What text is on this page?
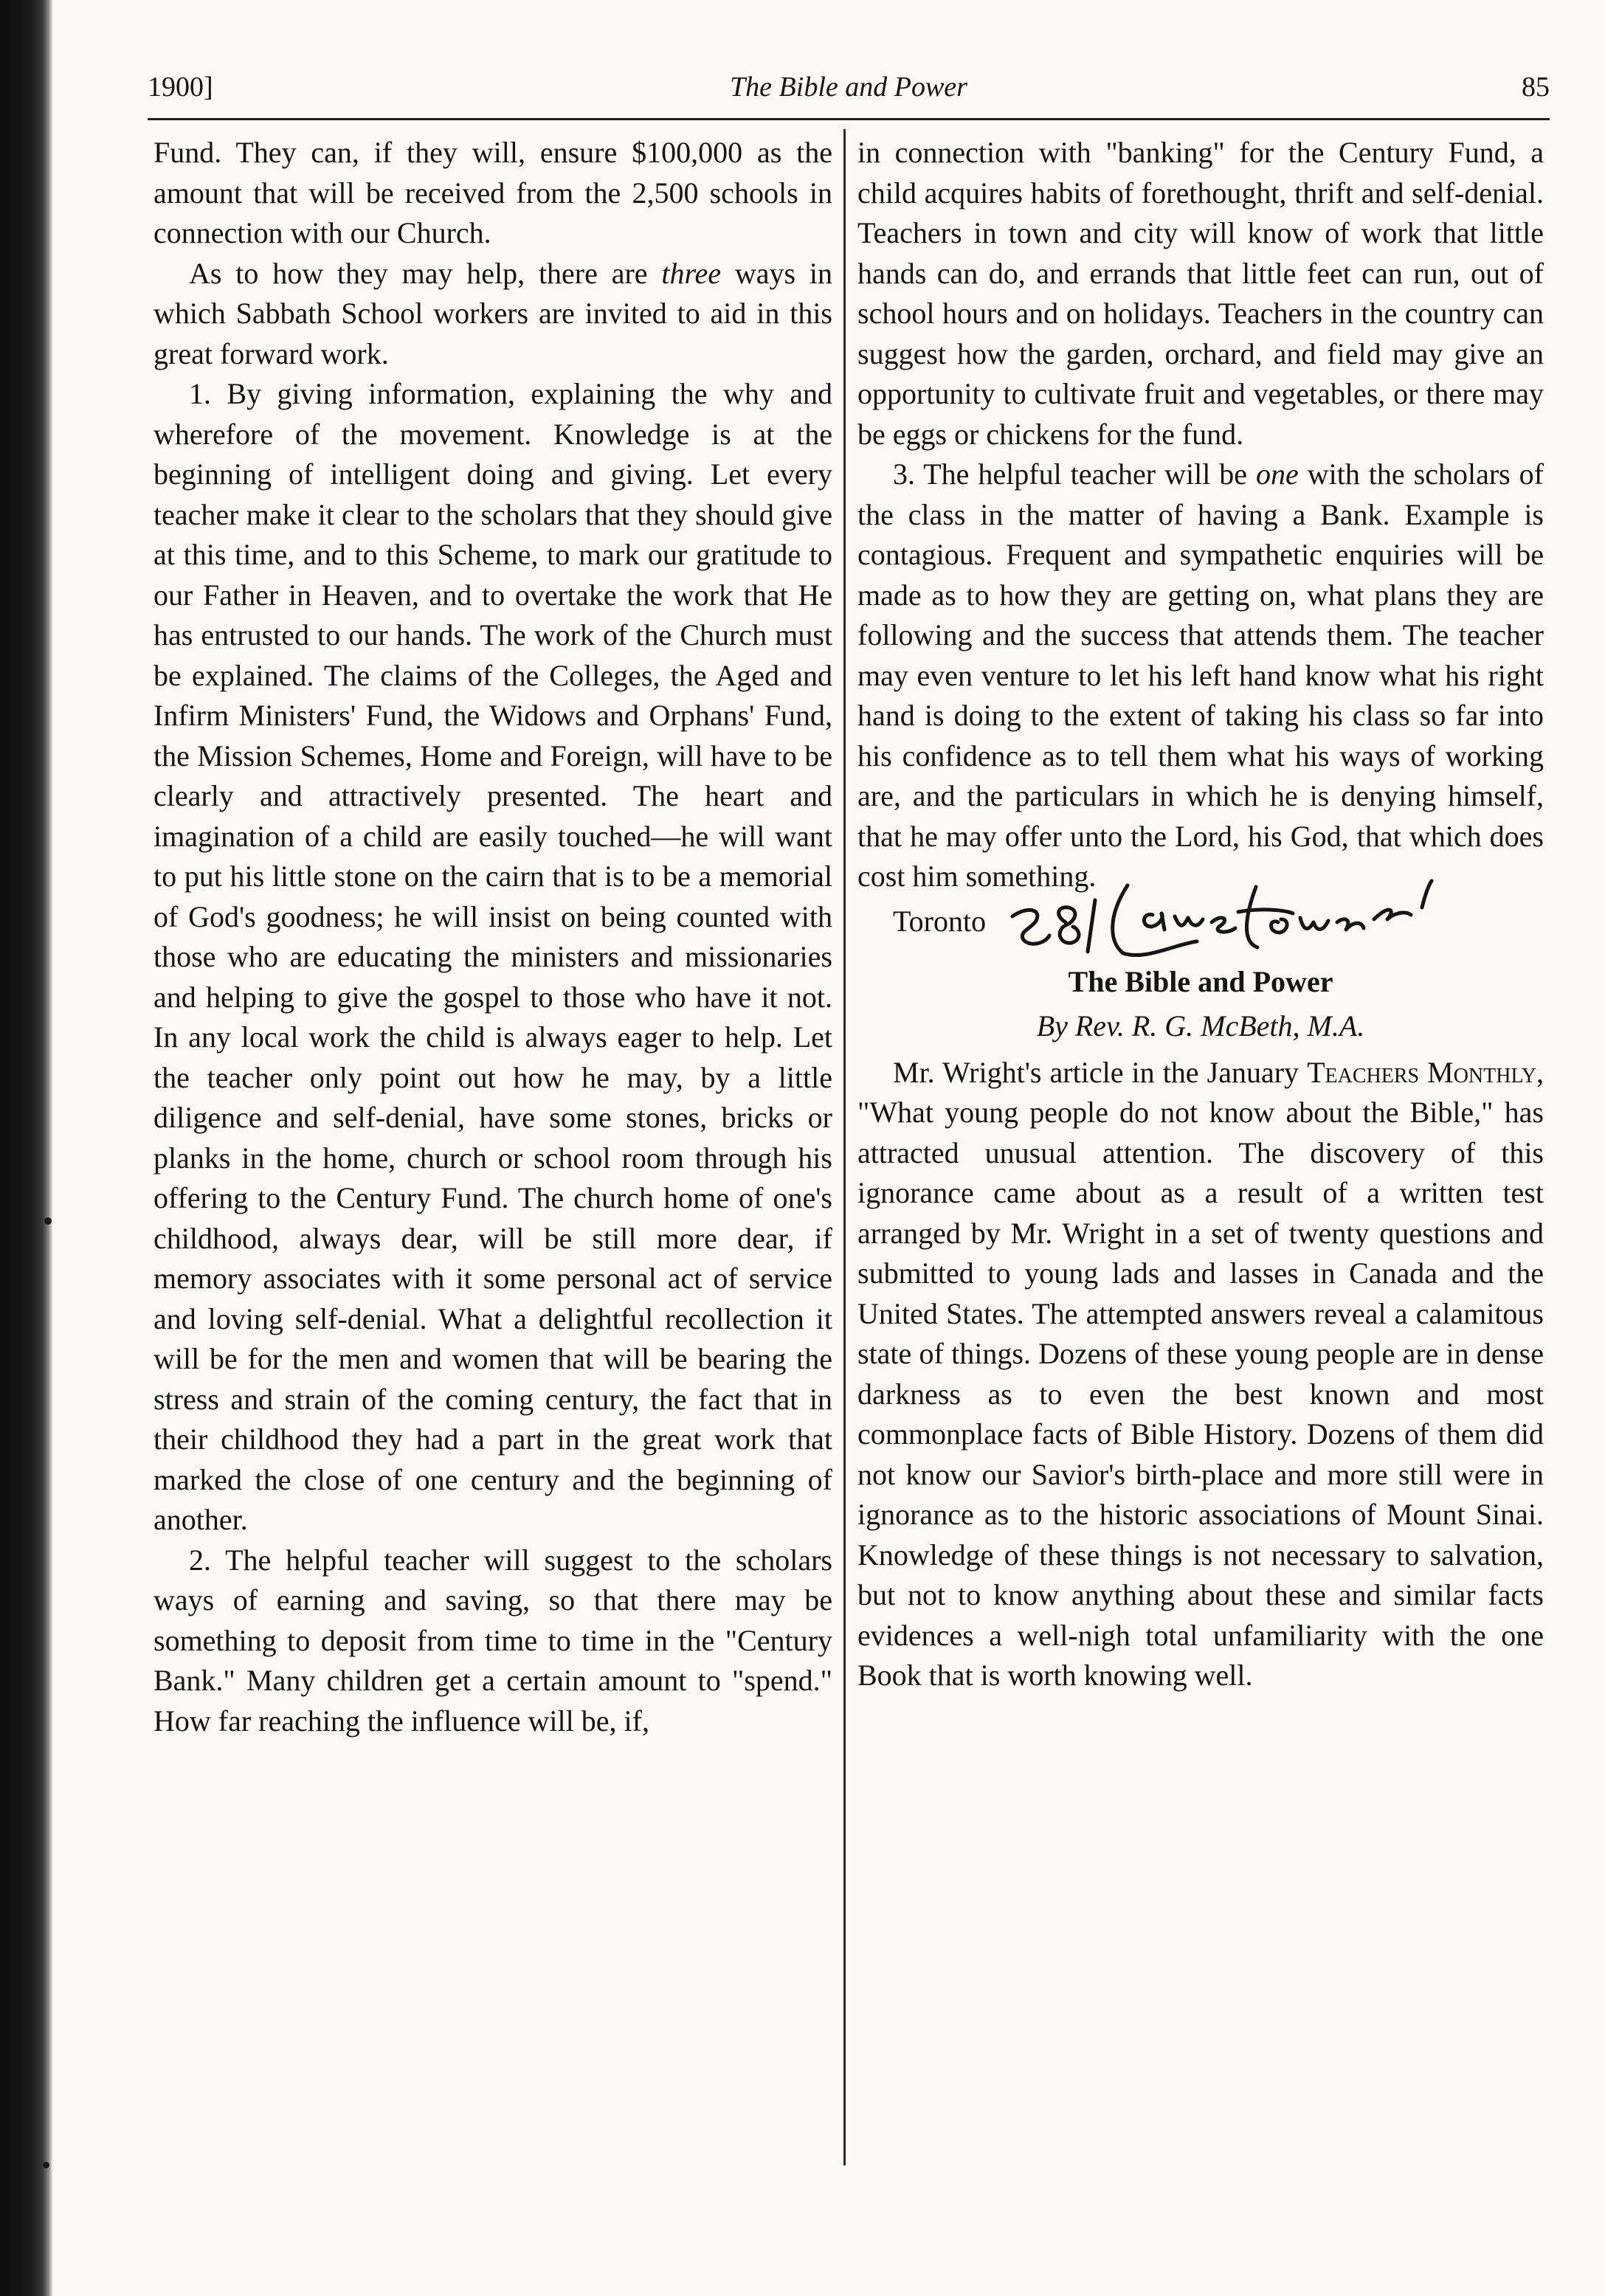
1900]	The Bible and Power	85

Fund. They can, if they will, ensure $100,000 as the amount that will be received from the 2,500 schools in connection with our Church.

As to how they may help, there are three ways in which Sabbath School workers are invited to aid in this great forward work.

1. By giving information, explaining the why and wherefore of the movement. Knowledge is at the beginning of intelligent doing and giving. Let every teacher make it clear to the scholars that they should give at this time, and to this Scheme, to mark our gratitude to our Father in Heaven, and to overtake the work that He has entrusted to our hands. The work of the Church must be explained. The claims of the Colleges, the Aged and Infirm Ministers' Fund, the Widows and Orphans' Fund, the Mission Schemes, Home and Foreign, will have to be clearly and attractively presented. The heart and imagination of a child are easily touched—he will want to put his little stone on the cairn that is to be a memorial of God's goodness; he will insist on being counted with those who are educating the ministers and missionaries and helping to give the gospel to those who have it not. In any local work the child is always eager to help. Let the teacher only point out how he may, by a little diligence and self-denial, have some stones, bricks or planks in the home, church or school room through his offering to the Century Fund. The church home of one's childhood, always dear, will be still more dear, if memory associates with it some personal act of service and loving self-denial. What a delightful recollection it will be for the men and women that will be bearing the stress and strain of the coming century, the fact that in their childhood they had a part in the great work that marked the close of one century and the beginning of another.

2. The helpful teacher will suggest to the scholars ways of earning and saving, so that there may be something to deposit from time to time in the "Century Bank." Many children get a certain amount to "spend." How far reaching the influence will be, if,

in connection with "banking" for the Century Fund, a child acquires habits of forethought, thrift and self-denial. Teachers in town and city will know of work that little hands can do, and errands that little feet can run, out of school hours and on holidays. Teachers in the country can suggest how the garden, orchard, and field may give an opportunity to cultivate fruit and vegetables, or there may be eggs or chickens for the fund.

3. The helpful teacher will be one with the scholars of the class in the matter of having a Bank. Example is contagious. Frequent and sympathetic enquiries will be made as to how they are getting on, what plans they are following and the success that attends them. The teacher may even venture to let his left hand know what his right hand is doing to the extent of taking his class so far into his confidence as to tell them what his ways of working are, and the particulars in which he is denying himself, that he may offer unto the Lord, his God, that which does cost him something.

Toronto
The Bible and Power
By Rev. R. G. McBeth, M.A.

Mr. Wright's article in the January Teachers Monthly, "What young people do not know about the Bible," has attracted unusual attention. The discovery of this ignorance came about as a result of a written test arranged by Mr. Wright in a set of twenty questions and submitted to young lads and lasses in Canada and the United States. The attempted answers reveal a calamitous state of things. Dozens of these young people are in dense darkness as to even the best known and most commonplace facts of Bible History. Dozens of them did not know our Savior's birth-place and more still were in ignorance as to the historic associations of Mount Sinai. Knowledge of these things is not necessary to salvation, but not to know anything about these and similar facts evidences a well-nigh total unfamiliarity with the one Book that is worth knowing well.
